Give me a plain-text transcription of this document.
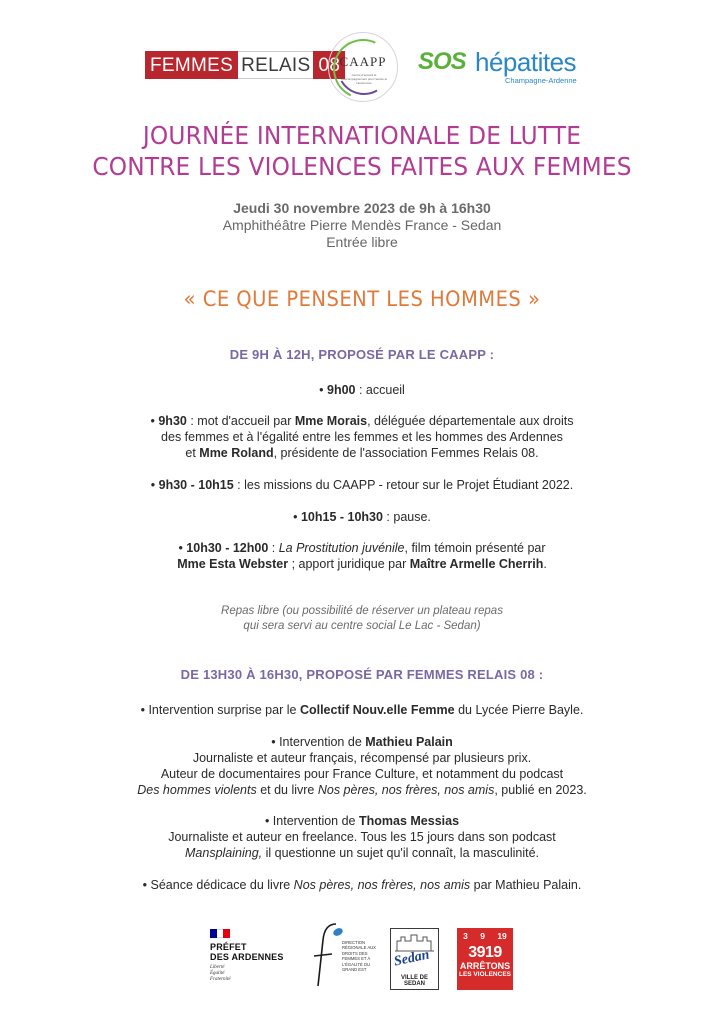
FEMMES RELAIS 08 CAAPP
Centre d'accueil et d'accompagnement pour l'accès et l'autonomie
SOS hépatites
Champagne-Ardenne
JOURNÉE INTERNATIONALE DE LUTTE
CONTRE LES VIOLENCES FAITES AUX FEMMES
Jeudi 30 novembre 2023 de 9h à 16h30
Amphithéâtre Pierre Mendès France - Sedan
Entrée libre
« CE QUE PENSENT LES HOMMES »
DE 9H À 12H, PROPOSÉ PAR LE CAAPP :
• 9h00 : accueil
• 9h30 : mot d'accueil par Mme Morais, déléguée départementale aux droits
des femmes et à l'égalité entre les femmes et les hommes des Ardennes
et Mme Roland, présidente de l'association Femmes Relais 08.
• 9h30 - 10h15 : les missions du CAAPP - retour sur le Projet Étudiant 2022.
• 10h15 - 10h30 : pause.
• 10h30 - 12h00 : La Prostitution juvénile, film témoin présenté par
Mme Esta Webster ; apport juridique par Maître Armelle Cherrih.
Repas libre (ou possibilité de réserver un plateau repas
qui sera servi au centre social Le Lac - Sedan)
DE 13H30 À 16H30, PROPOSÉ PAR FEMMES RELAIS 08 :
• Intervention surprise par le Collectif Nouv.elle Femme du Lycée Pierre Bayle.
• Intervention de Mathieu Palain
Journaliste et auteur français, récompensé par plusieurs prix.
Auteur de documentaires pour France Culture, et notamment du podcast
Des hommes violents et du livre Nos pères, nos frères, nos amis, publié en 2023.
• Intervention de Thomas Messias
Journaliste et auteur en freelance. Tous les 15 jours dans son podcast
Mansplaining, il questionne un sujet qu'il connaît, la masculinité.
• Séance dédicace du livre Nos pères, nos frères, nos amis par Mathieu Palain.
PRÉFET
DES ARDENNES
Liberté
Égalité
Fraternité
DIRECTION RÉGIONALE AUX DROITS DES FEMMES ET À L'ÉGALITÉ DU GRAND EST	Sedan
VILLE DE SEDAN
3 9 19
3919
ARRÊTONS
LES VIOLENCES
